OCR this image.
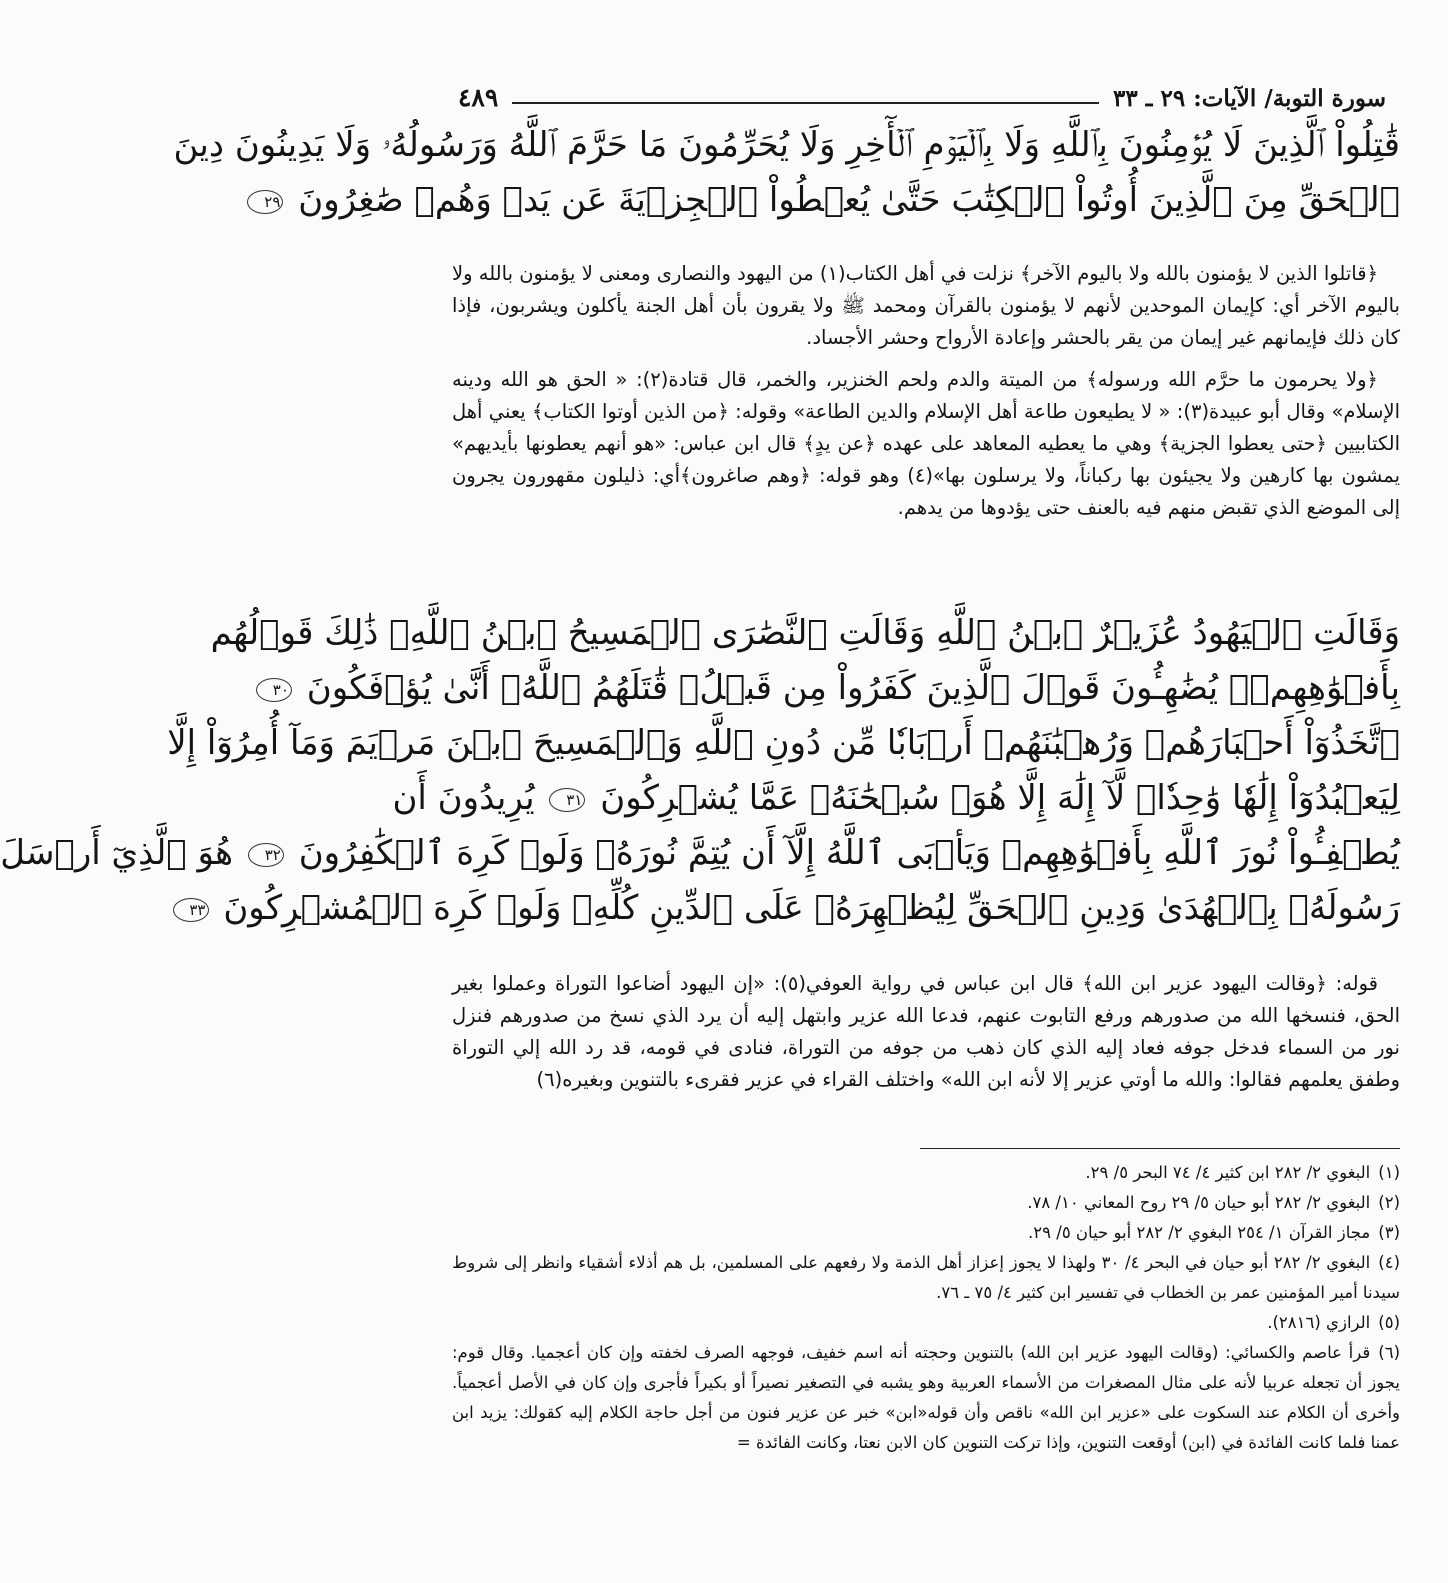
سورة التوبة/ الآيات: ٢٩ ـ ٣٣
٤٨٩
قَٰتِلُواْ ٱلَّذِينَ لَا يُؤۡمِنُونَ بِٱللَّهِ وَلَا بِٱلۡيَوۡمِ ٱلۡأٓخِرِ وَلَا يُحَرِّمُونَ مَا حَرَّمَ ٱللَّهُ وَرَسُولُهُۥ وَلَا يَدِينُونَ دِينَ
ٱلۡحَقِّ مِنَ ٱلَّذِينَ أُوتُواْ ٱلۡكِتَٰبَ حَتَّىٰ يُعۡطُواْ ٱلۡجِزۡيَةَ عَن يَدٖ وَهُمۡ صَٰغِرُونَ ٢٩

﴿قاتلوا الذين لا يؤمنون بالله ولا باليوم الآخر﴾ نزلت في أهل الكتاب(١) من اليهود والنصارى ومعنى لا يؤمنون بالله ولا باليوم الآخر أي: كإيمان الموحدين لأنهم لا يؤمنون بالقرآن ومحمد ﷺ ولا يقرون بأن أهل الجنة يأكلون ويشربون، فإذا كان ذلك فإيمانهم غير إيمان من يقر بالحشر وإعادة الأرواح وحشر الأجساد.

﴿ولا يحرمون ما حرَّم الله ورسوله﴾ من الميتة والدم ولحم الخنزير، والخمر، قال قتادة(٢): « الحق هو الله ودينه الإسلام» وقال أبو عبيدة(٣): « لا يطيعون طاعة أهل الإسلام والدين الطاعة» وقوله: ﴿من الذين أوتوا الكتاب﴾ يعني أهل الكتابيين ﴿حتى يعطوا الجزية﴾ وهي ما يعطيه المعاهد على عهده ﴿عن يدٍ﴾ قال ابن عباس: «هو أنهم يعطونها بأيديهم» يمشون بها كارهين ولا يجيئون بها ركباناً، ولا يرسلون بها»(٤) وهو قوله: ﴿وهم صاغرون﴾أي: ذليلون مقهورون يجرون إلى الموضع الذي تقبض منهم فيه بالعنف حتى يؤدوها من يدهم.

وَقَالَتِ ٱلۡيَهُودُ عُزَيۡرٌ ٱبۡنُ ٱللَّهِ وَقَالَتِ ٱلنَّصَٰرَى ٱلۡمَسِيحُ ٱبۡنُ ٱللَّهِۖ ذَٰلِكَ قَوۡلُهُم
بِأَفۡوَٰهِهِمۡۖ يُضَٰهِـُٔونَ قَوۡلَ ٱلَّذِينَ كَفَرُواْ مِن قَبۡلُۚ قَٰتَلَهُمُ ٱللَّهُۖ أَنَّىٰ يُؤۡفَكُونَ ٣٠
ٱتَّخَذُوٓاْ أَحۡبَارَهُمۡ وَرُهۡبَٰنَهُمۡ أَرۡبَابٗا مِّن دُونِ ٱللَّهِ وَٱلۡمَسِيحَ ٱبۡنَ مَرۡيَمَ وَمَآ أُمِرُوٓاْ إِلَّا
لِيَعۡبُدُوٓاْ إِلَٰهٗا وَٰحِدٗاۖ لَّآ إِلَٰهَ إِلَّا هُوَۚ سُبۡحَٰنَهُۥ عَمَّا يُشۡرِكُونَ ٣١ يُرِيدُونَ أَن
يُطۡفِـُٔواْ نُورَ ٱللَّهِ بِأَفۡوَٰهِهِمۡ وَيَأۡبَى ٱللَّهُ إِلَّآ أَن يُتِمَّ نُورَهُۥ وَلَوۡ كَرِهَ ٱلۡكَٰفِرُونَ ٣٢ هُوَ ٱلَّذِيٓ أَرۡسَلَ
رَسُولَهُۥ بِٱلۡهُدَىٰ وَدِينِ ٱلۡحَقِّ لِيُظۡهِرَهُۥ عَلَى ٱلدِّينِ كُلِّهِۦ وَلَوۡ كَرِهَ ٱلۡمُشۡرِكُونَ ٣٣

قوله: ﴿وقالت اليهود عزير ابن الله﴾ قال ابن عباس في رواية العوفي(٥): «إن اليهود أضاعوا التوراة وعملوا بغير الحق، فنسخها الله من صدورهم ورفع التابوت عنهم، فدعا الله عزير وابتهل إليه أن يرد الذي نسخ من صدورهم فنزل نور من السماء فدخل جوفه فعاد إليه الذي كان ذهب من جوفه من التوراة، فنادى في قومه، قد رد الله إلي التوراة وطفق يعلمهم فقالوا: والله ما أوتي عزير إلا لأنه ابن الله» واختلف القراء في عزير فقرىء بالتنوين وبغيره(٦)

(١)البغوي ٢/ ٢٨٢ ابن كثير ٤/ ٧٤ البحر ٥/ ٢٩.

(٢)البغوي ٢/ ٢٨٢ أبو حيان ٥/ ٢٩ روح المعاني ١٠/ ٧٨.

(٣)مجاز القرآن ١/ ٢٥٤ البغوي ٢/ ٢٨٢ أبو حيان ٥/ ٢٩.

(٤)البغوي ٢/ ٢٨٢ أبو حيان في البحر ٤/ ٣٠ ولهذا لا يجوز إعزاز أهل الذمة ولا رفعهم على المسلمين، بل هم أذلاء أشقياء وانظر إلى شروط سيدنا أمير المؤمنين عمر بن الخطاب في تفسير ابن كثير ٤/ ٧٥ ـ ٧٦.

(٥)الرازي (٢٨١٦).

(٦)قرأ عاصم والكسائي: (وقالت اليهود عزير ابن الله) بالتنوين وحجته أنه اسم خفيف، فوجهه الصرف لخفته وإن كان أعجميا. وقال قوم: يجوز أن تجعله عربيا لأنه على مثال المصغرات من الأسماء العربية وهو يشبه في التصغير نصيراً أو بكيراً فأجرى وإن كان في الأصل أعجمياً. وأخرى أن الكلام عند السكوت على «عزير ابن الله» ناقص وأن قوله«ابن» خبر عن عزير فنون من أجل حاجة الكلام إليه كقولك: يزيد ابن عمنا فلما كانت الفائدة في (ابن) أوقعت التنوين، وإذا تركت التنوين كان الابن نعتا، وكانت الفائدة =
